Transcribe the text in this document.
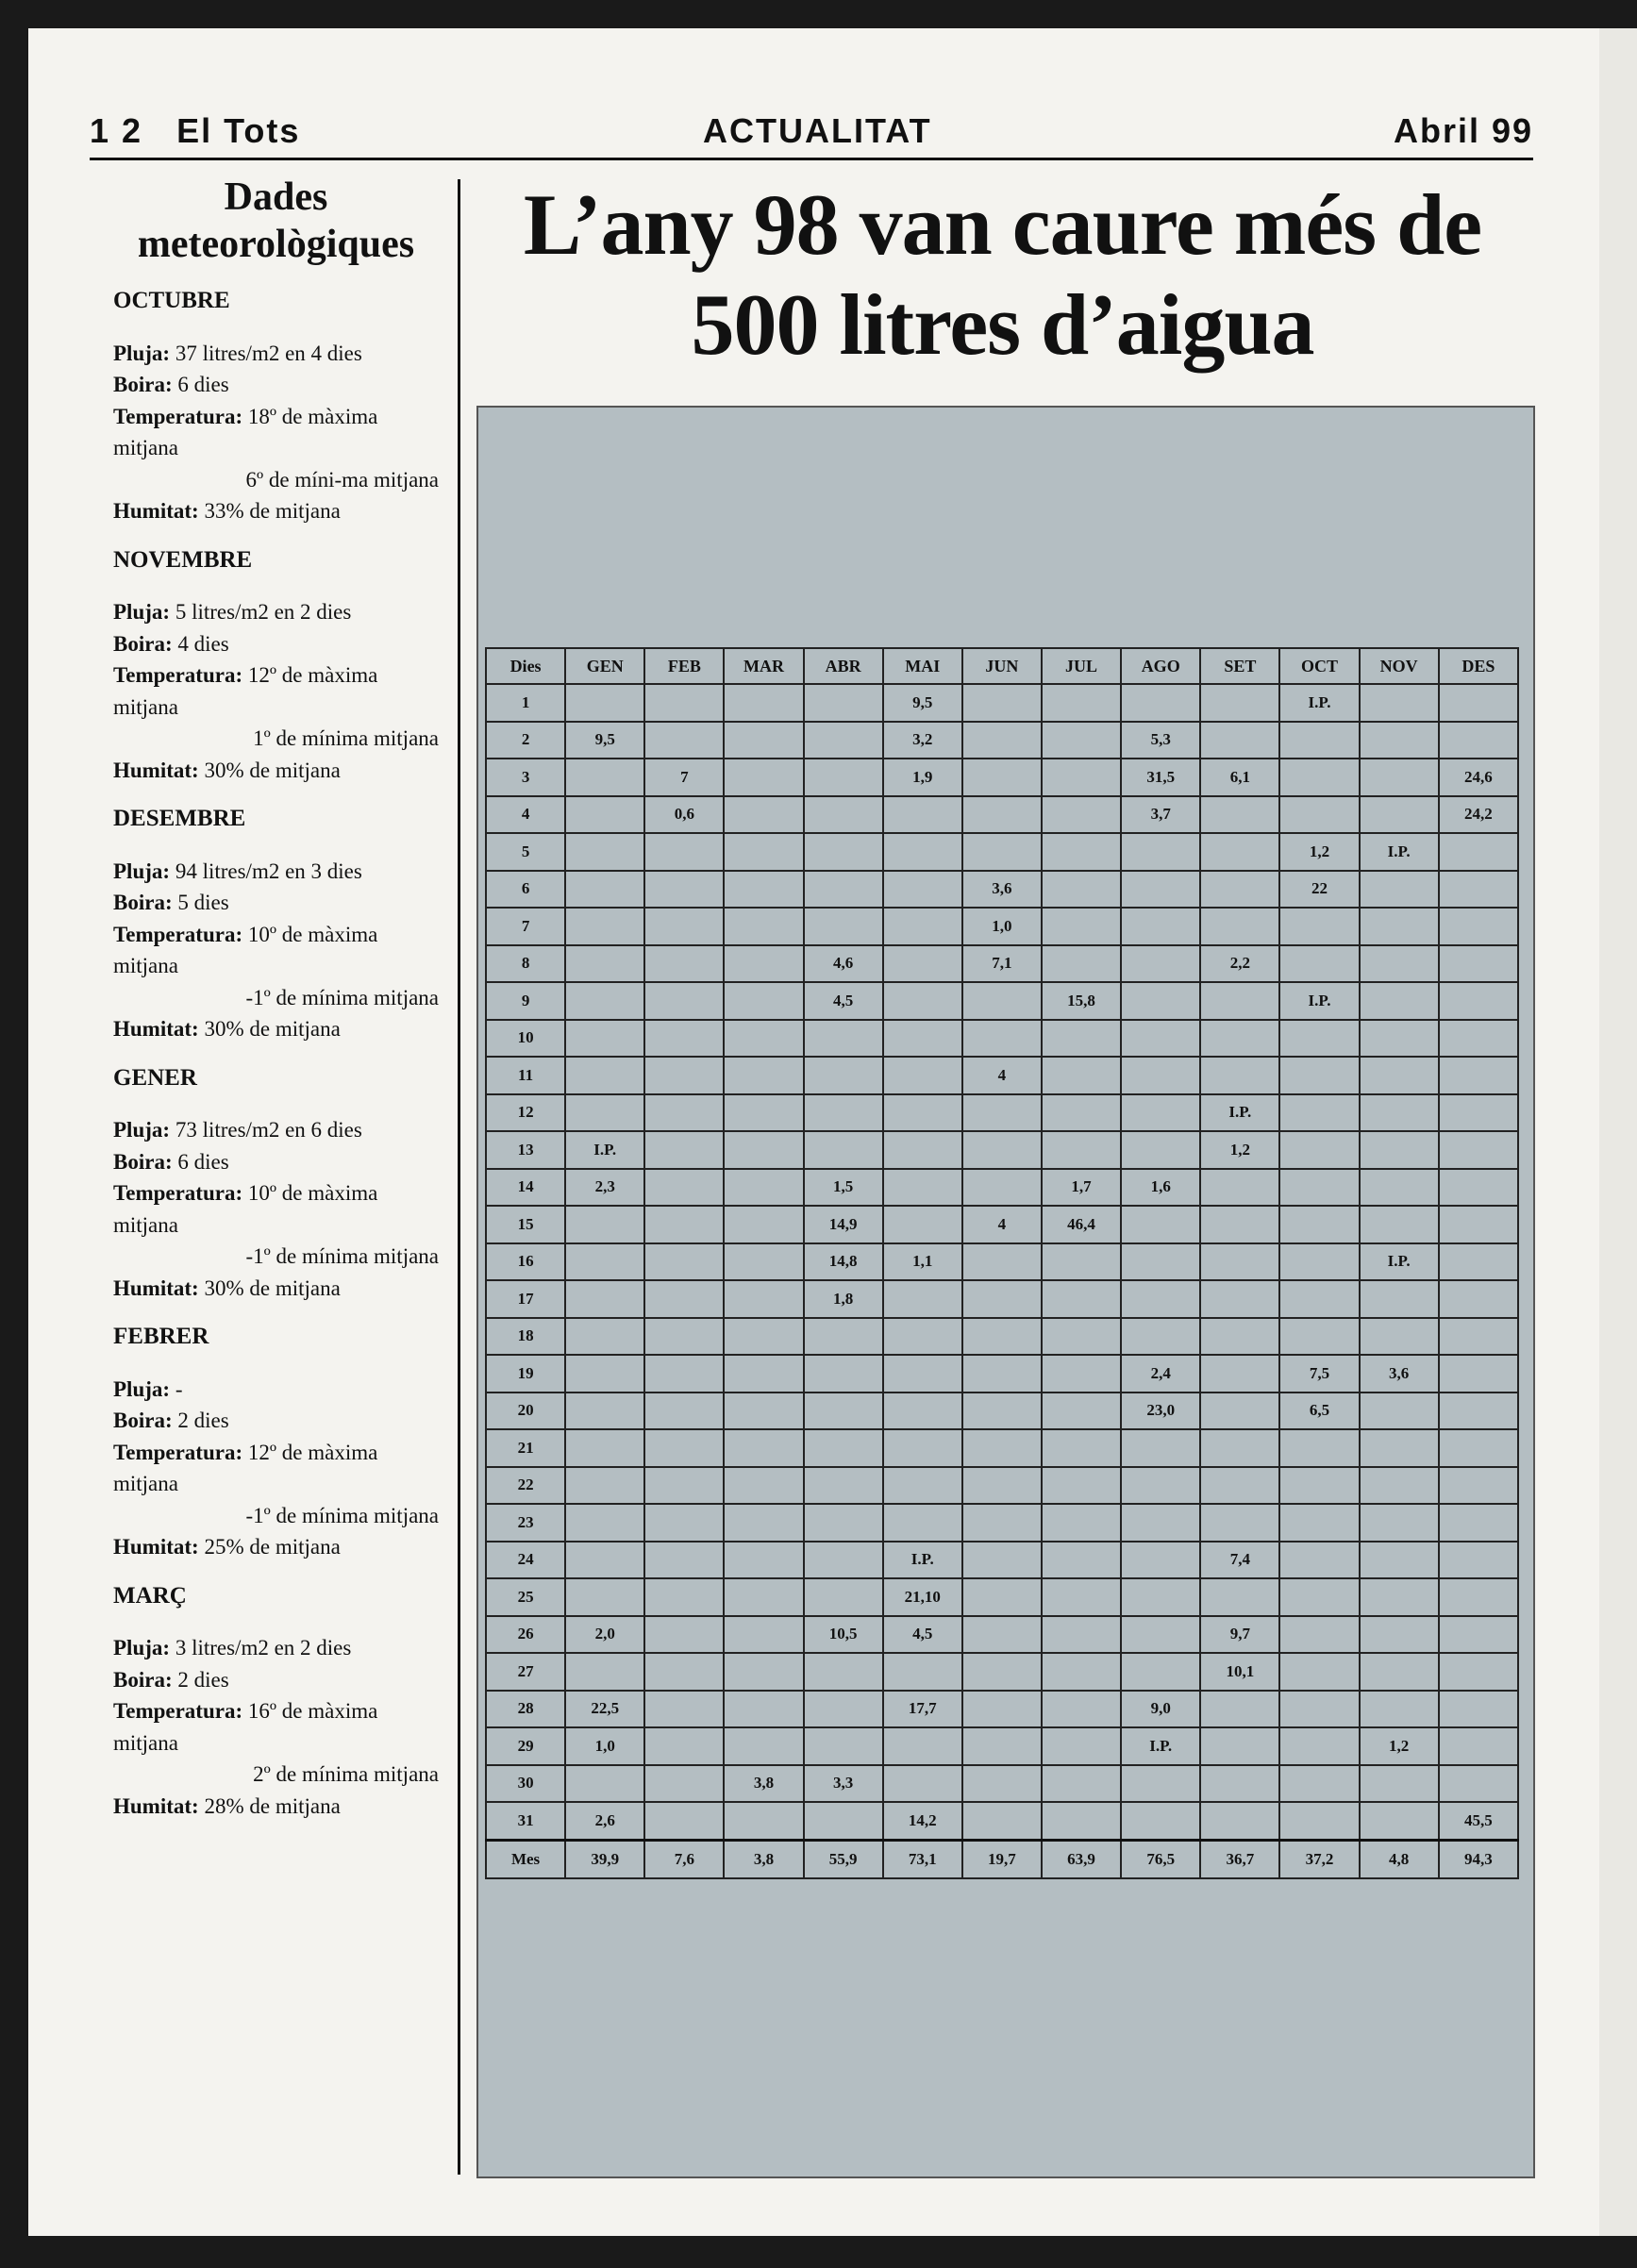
1 2 El Tots	ACTUALITAT	Abril 99
Dades meteorològiques
OCTUBRE

Pluja: 37 litres/m2 en 4 dies

Boira: 6 dies

Temperatura: 18º de màxima mitjana

6º de míni-ma mitjana

Humitat: 33% de mitjana

NOVEMBRE

Pluja: 5 litres/m2 en 2 dies

Boira: 4 dies

Temperatura: 12º de màxima mitjana

1º de mínima mitjana

Humitat: 30% de mitjana

DESEMBRE

Pluja: 94 litres/m2 en 3 dies

Boira: 5 dies

Temperatura: 10º de màxima mitjana

-1º de mínima mitjana

Humitat: 30% de mitjana

GENER

Pluja: 73 litres/m2 en 6 dies

Boira: 6 dies

Temperatura: 10º de màxima mitjana

-1º de mínima mitjana

Humitat: 30% de mitjana

FEBRER

Pluja: -

Boira: 2 dies

Temperatura: 12º de màxima mitjana

-1º de mínima mitjana

Humitat: 25% de mitjana

MARÇ

Pluja: 3 litres/m2 en 2 dies

Boira: 2 dies

Temperatura: 16º de màxima mitjana

2º de mínima mitjana

Humitat: 28% de mitjana

L’any 98 van caure més de 500 litres d’aigua
Dies	GEN	FEB	MAR	ABR	MAI	JUN	JUL	AGO	SET	OCT	NOV	DES
1					9,5					I.P.		
2	9,5				3,2			5,3				
3		7			1,9			31,5	6,1			24,6
4		0,6						3,7				24,2
5										1,2	I.P.	
6						3,6				22		
7						1,0						
8				4,6		7,1			2,2			
9				4,5			15,8			I.P.		
10												
11						4						
12									I.P.			
13	I.P.								1,2			
14	2,3			1,5			1,7	1,6				
15				14,9		4	46,4					
16				14,8	1,1						I.P.	
17				1,8								
18												
19								2,4		7,5	3,6	
20								23,0		6,5		
21												
22												
23												
24					I.P.				7,4			
25					21,10							
26	2,0			10,5	4,5				9,7			
27									10,1			
28	22,5				17,7			9,0				
29	1,0							I.P.			1,2	
30			3,8	3,3								
31	2,6				14,2							45,5
Mes	39,9	7,6	3,8	55,9	73,1	19,7	63,9	76,5	36,7	37,2	4,8	94,3
